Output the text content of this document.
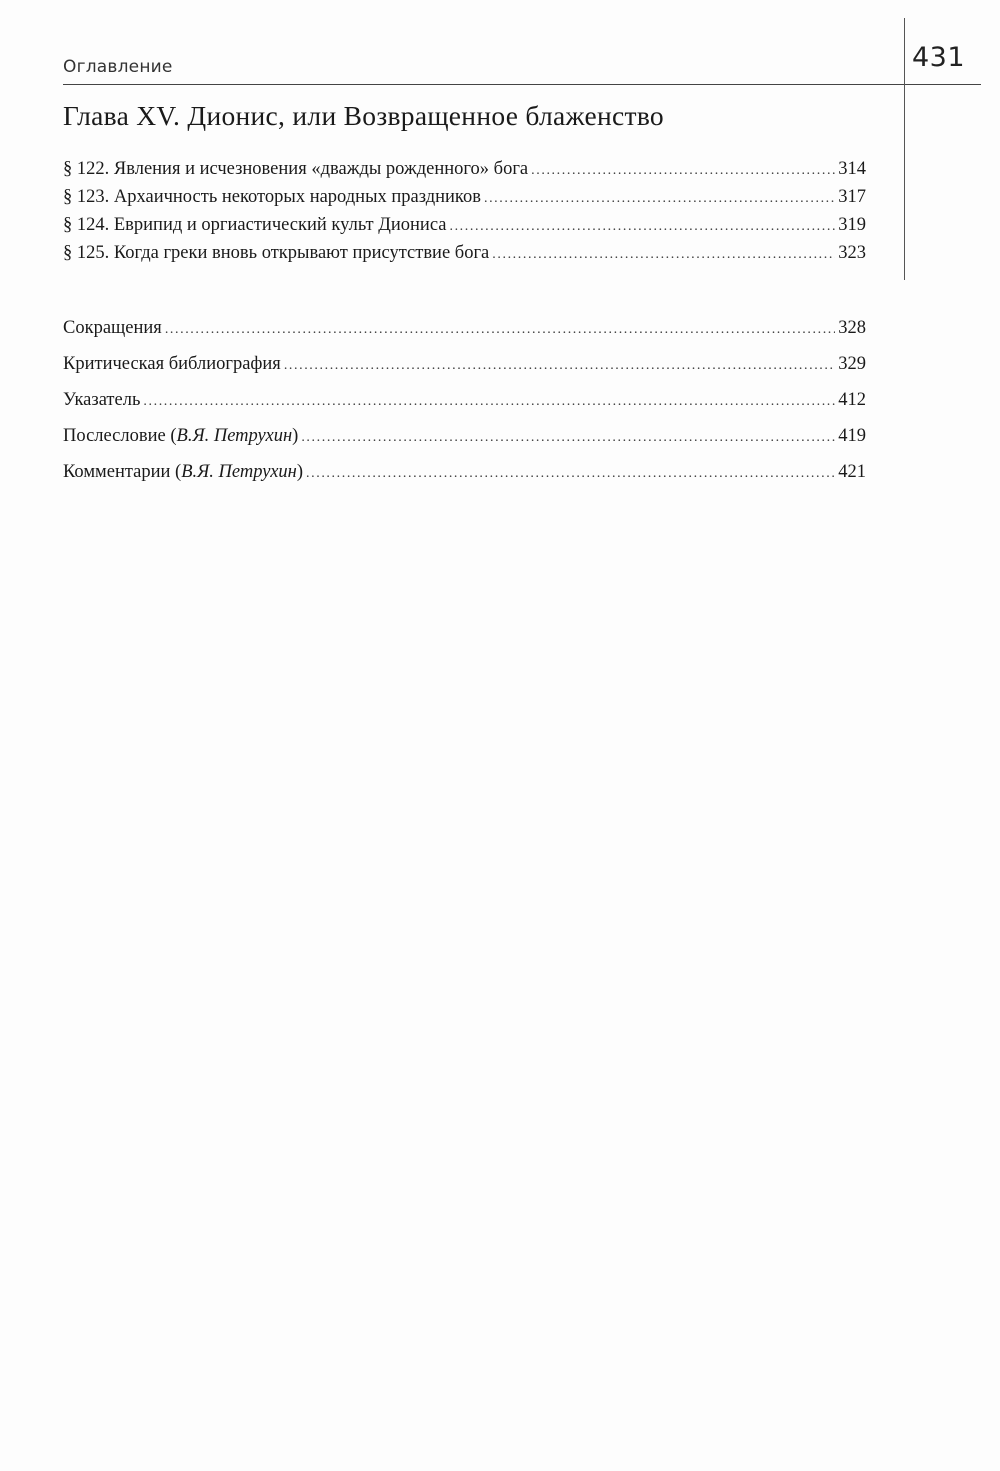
Оглавление	431
Глава XV. Дионис, или Возвращенное блаженство
§ 122. Явления и исчезновения «дважды рожденного» бога .....	314
§ 123. Архаичность некоторых народных праздников .....	317
§ 124. Еврипид и оргиастический культ Диониса .....	319
§ 125. Когда греки вновь открывают присутствие бога .....	323
Сокращения .....	328
Критическая библиография .....	329
Указатель .....	412
Послесловие (В.Я. Петрухин) .....	419
Комментарии (В.Я. Петрухин) .....	421
